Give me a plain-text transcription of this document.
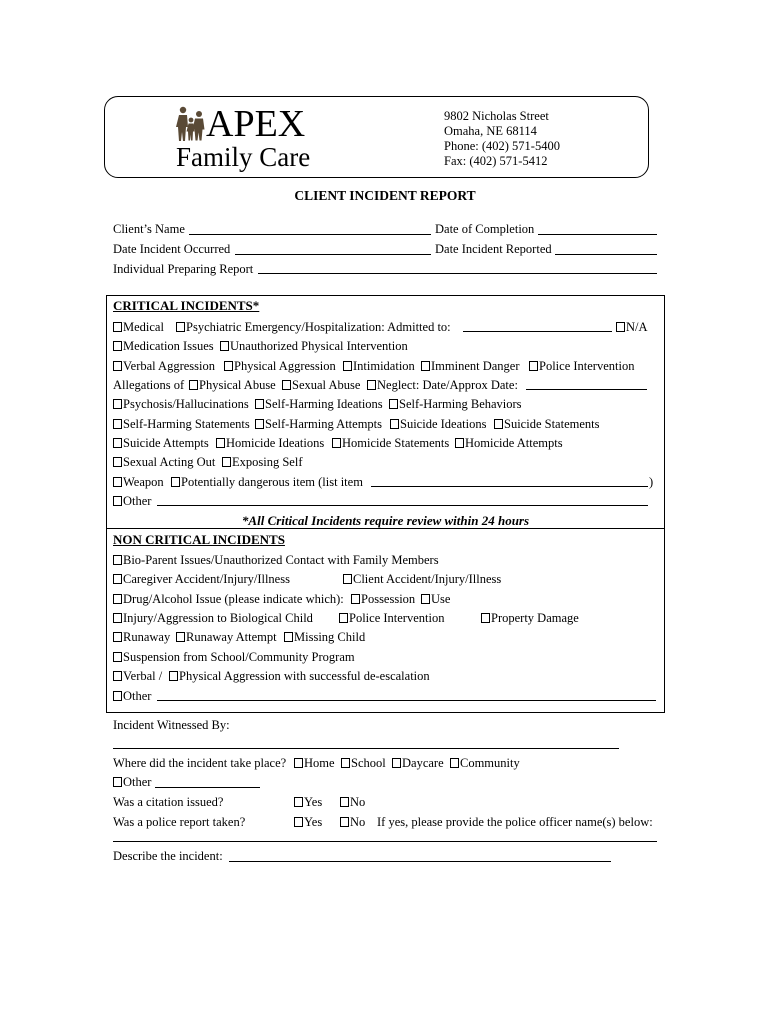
APEX
Family Care
9802 Nicholas Street
Omaha, NE 68114
Phone: (402) 571-5400
Fax: (402) 571-5412
CLIENT INCIDENT REPORT
Client’s Name	Date of Completion
Date Incident Occurred	Date Incident Reported
Individual Preparing Report
CRITICAL INCIDENTS*
Medical	Psychiatric Emergency/Hospitalization: Admitted to:	N/A
Medication Issues	Unauthorized Physical Intervention
Verbal Aggression	Physical Aggression	Intimidation	Imminent Danger	Police Intervention
Allegations of	Physical Abuse	Sexual Abuse	Neglect: Date/Approx Date:
Psychosis/Hallucinations	Self-Harming Ideations	Self-Harming Behaviors
Self-Harming Statements	Self-Harming Attempts	Suicide Ideations	Suicide Statements
Suicide Attempts	Homicide Ideations	Homicide Statements	Homicide Attempts
Sexual Acting Out	Exposing Self
Weapon	Potentially dangerous item (list item	)
Other
*All Critical Incidents require review within 24 hours
NON CRITICAL INCIDENTS
Bio-Parent Issues/Unauthorized Contact with Family Members
Caregiver Accident/Injury/Illness	Client Accident/Injury/Illness
Drug/Alcohol Issue (please indicate which):	Possession	Use
Injury/Aggression to Biological Child	Police Intervention	Property Damage
Runaway	Runaway Attempt	Missing Child
Suspension from School/Community Program
Verbal /	Physical Aggression with successful de-escalation
Other
Incident Witnessed By:
Where did the incident take place?	Home	School	Daycare	Community
Other
Was a citation issued?	Yes	No
Was a police report taken?	Yes	No If yes, please provide the police officer name(s) below:
Describe the incident:
